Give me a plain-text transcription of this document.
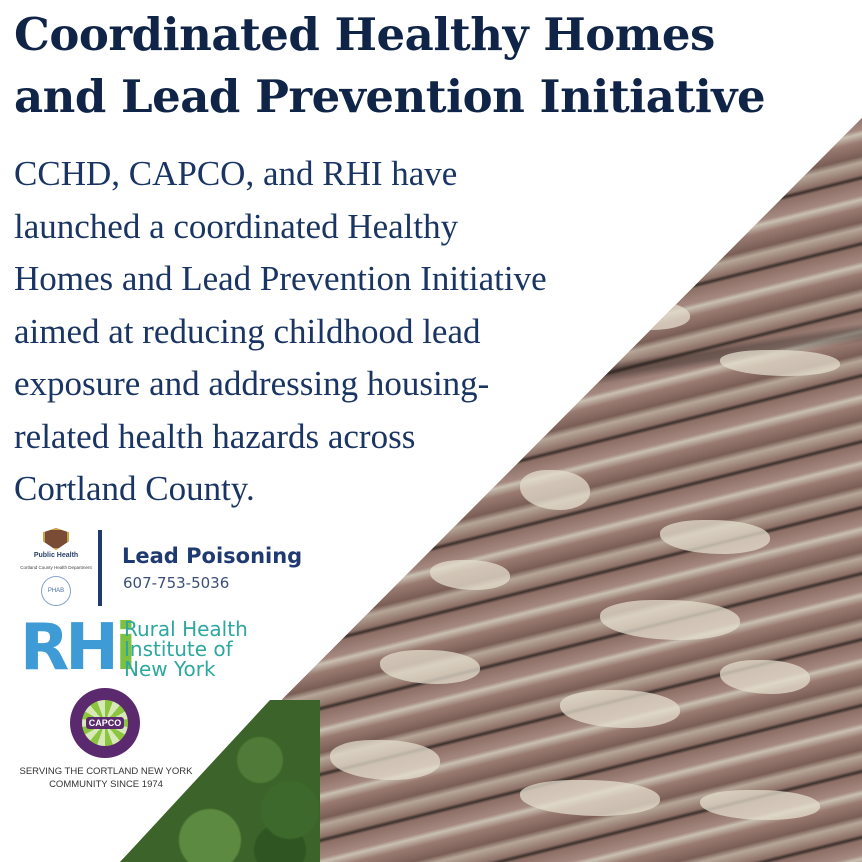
Coordinated Healthy Homes
and Lead Prevention Initiative
CCHD, CAPCO, and RHI have
launched a coordinated Healthy
Homes and Lead Prevention Initiative
aimed at reducing childhood lead
exposure and addressing housing-
related health hazards across
Cortland County.
Public Health
Cortland County Health Department
PHAB
Lead Poisoning
607-753-5036
RHi
Rural Health
Institute of
New York
CAPCO
SERVING THE CORTLAND NEW YORK
COMMUNITY SINCE 1974
